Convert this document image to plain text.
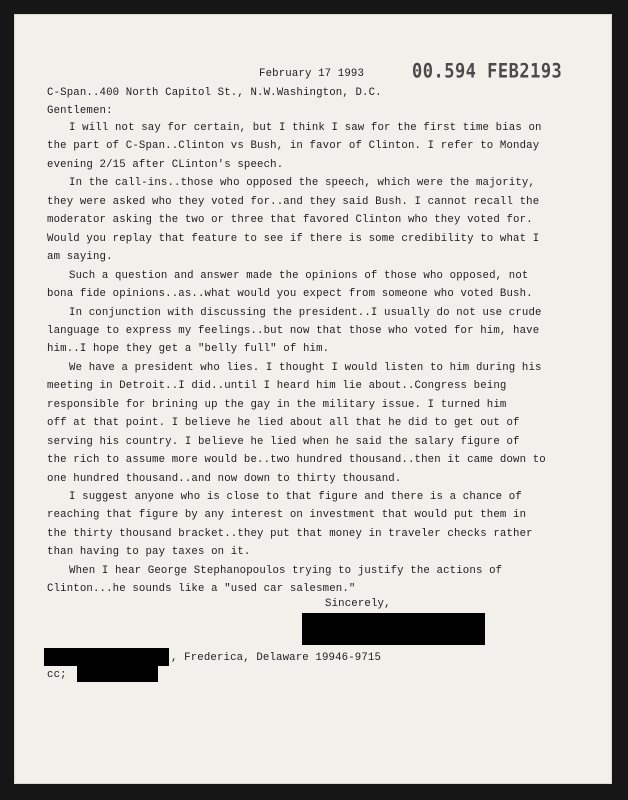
February 17 1993	00.594 FEB2193
C-Span..400 North Capitol St., N.W.Washington, D.C.
Gentlemen:
I will not say for certain, but I think I saw for the first time bias on
the part of C-Span..Clinton vs Bush, in favor of Clinton. I refer to Monday
evening 2/15 after CLinton's speech.
In the call-ins..those who opposed the speech, which were the majority,
they were asked who they voted for..and they said Bush. I cannot recall the
moderator asking the two or three that favored Clinton who they voted for.
Would you replay that feature to see if there is some credibility to what I
am saying.
Such a question and answer made the opinions of those who opposed, not
bona fide opinions..as..what would you expect from someone who voted Bush.
In conjunction with discussing the president..I usually do not use crude
language to express my feelings..but now that those who voted for him, have
him..I hope they get a "belly full" of him.
We have a president who lies. I thought I would listen to him during his
meeting in Detroit..I did..until I heard him lie about..Congress being
responsible for brining up the gay in the military issue. I turned him
off at that point. I believe he lied about all that he did to get out of
serving his country. I believe he lied when he said the salary figure of
the rich to assume more would be..two hundred thousand..then it came down to
one hundred thousand..and now down to thirty thousand.
I suggest anyone who is close to that figure and there is a chance of
reaching that figure by any interest on investment that would put them in
the thirty thousand bracket..they put that money in traveler checks rather
than having to pay taxes on it.
When I hear George Stephanopoulos trying to justify the actions of
Clinton...he sounds like a "used car salesmen."
Sincerely,
, Frederica, Delaware 19946-9715
cc;
